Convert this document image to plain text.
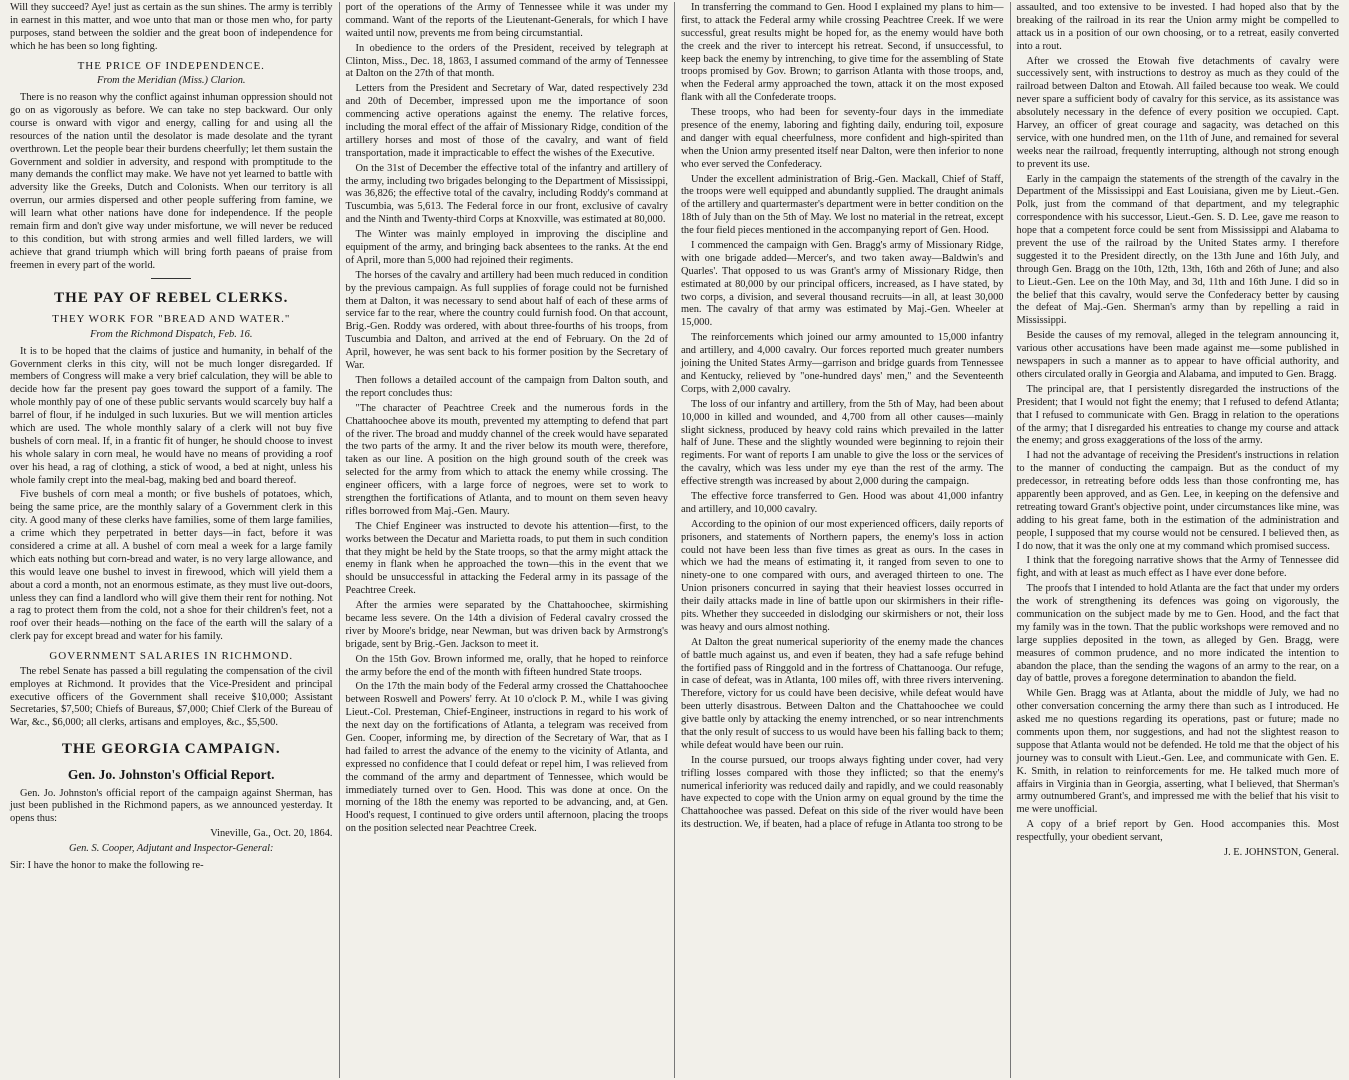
Will they succeed? Aye! just as certain as the sun shines. The army is terribly in earnest in this matter, and woe unto that man or those men who, for party purposes, stand between the soldier and the great boon of independence for which he has been so long fighting.

THE PRICE OF INDEPENDENCE.

From the Meridian (Miss.) Clarion.

There is no reason why the conflict against inhuman oppression should not go on as vigorously as before. We can take no step backward. Our only course is onward with vigor and energy, calling for and using all the resources of the nation until the desolator is made desolate and the tyrant overthrown. Let the people bear their burdens cheerfully; let them sustain the Government and soldier in adversity, and respond with promptitude to the many demands the conflict may make. We have not yet learned to battle with adversity like the Greeks, Dutch and Colonists. When our territory is all overrun, our armies dispersed and other people suffering from famine, we will learn what other nations have done for independence. If the people remain firm and don't give way under misfortune, we will never be reduced to this condition, but with strong armies and well filled larders, we will achieve that grand triumph which will bring forth paeans of praise from freemen in every part of the world.

THE PAY OF REBEL CLERKS.

THEY WORK FOR "BREAD AND WATER."

From the Richmond Dispatch, Feb. 16.

It is to be hoped that the claims of justice and humanity, in behalf of the Government clerks in this city, will not be much longer disregarded. If members of Congress will make a very brief calculation, they will be able to decide how far the present pay goes toward the support of a family. The whole monthly pay of one of these public servants would scarcely buy half a barrel of flour, if he indulged in such luxuries. But we will mention articles which are used. The whole monthly salary of a clerk will not buy five bushels of corn meal. If, in a frantic fit of hunger, he should choose to invest his whole salary in corn meal, he would have no means of providing a roof over his head, a rag of clothing, a stick of wood, a bed at night, unless his whole family crept into the meal-bag, making bed and board thereof.

Five bushels of corn meal a month; or five bushels of potatoes, which, being the same price, are the monthly salary of a Government clerk in this city. A good many of these clerks have families, some of them large families, a crime which they perpetrated in better days—in fact, before it was considered a crime at all. A bushel of corn meal a week for a large family which eats nothing but corn-bread and water, is no very large allowance, and this would leave one bushel to invest in firewood, which will yield them a about a cord a month, not an enormous estimate, as they must live out-doors, unless they can find a landlord who will give them their rent for nothing. Not a rag to protect them from the cold, not a shoe for their children's feet, not a roof over their heads—nothing on the face of the earth will the salary of a clerk pay for except bread and water for his family.

GOVERNMENT SALARIES IN RICHMOND.

The rebel Senate has passed a bill regulating the compensation of the civil employes at Richmond. It provides that the Vice-President and principal executive officers of the Government shall receive $10,000; Assistant Secretaries, $7,500; Chiefs of Bureaus, $7,000; Chief Clerk of the Bureau of War, &c., $6,000; all clerks, artisans and employes, &c., $5,500.

THE GEORGIA CAMPAIGN.

Gen. Jo. Johnston's Official Report.

Gen. Jo. Johnston's official report of the campaign against Sherman, has just been published in the Richmond papers, as we announced yesterday. It opens thus:

Vineville, Ga., Oct. 20, 1864.

Gen. S. Cooper, Adjutant and Inspector-General:

Sir: I have the honor to make the following re-

port of the operations of the Army of Tennessee while it was under my command. Want of the reports of the Lieutenant-Generals, for which I have waited until now, prevents me from being circumstantial.

In obedience to the orders of the President, received by telegraph at Clinton, Miss., Dec. 18, 1863, I assumed command of the army of Tennessee at Dalton on the 27th of that month.

Letters from the President and Secretary of War, dated respectively 23d and 20th of December, impressed upon me the importance of soon commencing active operations against the enemy. The relative forces, including the moral effect of the affair of Missionary Ridge, condition of the artillery horses and most of those of the cavalry, and want of field transportation, made it impracticable to effect the wishes of the Executive.

On the 31st of December the effective total of the infantry and artillery of the army, including two brigades belonging to the Department of Mississippi, was 36,826; the effective total of the cavalry, including Roddy's command at Tuscumbia, was 5,613. The Federal force in our front, exclusive of cavalry and the Ninth and Twenty-third Corps at Knoxville, was estimated at 80,000.

The Winter was mainly employed in improving the discipline and equipment of the army, and bringing back absentees to the ranks. At the end of April, more than 5,000 had rejoined their regiments.

The horses of the cavalry and artillery had been much reduced in condition by the previous campaign. As full supplies of forage could not be furnished them at Dalton, it was necessary to send about half of each of these arms of service far to the rear, where the country could furnish food. On that account, Brig.-Gen. Roddy was ordered, with about three-fourths of his troops, from Tuscumbia and Dalton, and arrived at the end of February. On the 2d of April, however, he was sent back to his former position by the Secretary of War.

Then follows a detailed account of the campaign from Dalton south, and the report concludes thus:

"The character of Peachtree Creek and the numerous fords in the Chattahoochee above its mouth, prevented my attempting to defend that part of the river. The broad and muddy channel of the creek would have separated the two parts of the army. It and the river below its mouth were, therefore, taken as our line. A position on the high ground south of the creek was selected for the army from which to attack the enemy while crossing. The engineer officers, with a large force of negroes, were set to work to strengthen the fortifications of Atlanta, and to mount on them seven heavy rifles borrowed from Maj.-Gen. Maury.

The Chief Engineer was instructed to devote his attention—first, to the works between the Decatur and Marietta roads, to put them in such condition that they might be held by the State troops, so that the army might attack the enemy in flank when he approached the town—this in the event that we should be unsuccessful in attacking the Federal army in its passage of the Peachtree Creek.

After the armies were separated by the Chattahoochee, skirmishing became less severe. On the 14th a division of Federal cavalry crossed the river by Moore's bridge, near Newman, but was driven back by Armstrong's brigade, sent by Brig.-Gen. Jackson to meet it.

On the 15th Gov. Brown informed me, orally, that he hoped to reinforce the army before the end of the month with fifteen hundred State troops.

On the 17th the main body of the Federal army crossed the Chattahoochee between Roswell and Powers' ferry. At 10 o'clock P. M., while I was giving Lieut.-Col. Presteman, Chief-Engineer, instructions in regard to his work of the next day on the fortifications of Atlanta, a telegram was received from Gen. Cooper, informing me, by direction of the Secretary of War, that as I had failed to arrest the advance of the enemy to the vicinity of Atlanta, and expressed no confidence that I could defeat or repel him, I was relieved from the command of the army and department of Tennessee, which would be immediately turned over to Gen. Hood. This was done at once. On the morning of the 18th the enemy was reported to be advancing, and, at Gen. Hood's request, I continued to give orders until afternoon, placing the troops on the position selected near Peachtree Creek.

In transferring the command to Gen. Hood I explained my plans to him—first, to attack the Federal army while crossing Peachtree Creek. If we were successful, great results might be hoped for, as the enemy would have both the creek and the river to intercept his retreat. Second, if unsuccessful, to keep back the enemy by intrenching, to give time for the assembling of State troops promised by Gov. Brown; to garrison Atlanta with those troops, and, when the Federal army approached the town, attack it on the most exposed flank with all the Confederate troops.

These troops, who had been for seventy-four days in the immediate presence of the enemy, laboring and fighting daily, enduring toil, exposure and danger with equal cheerfulness, more confident and high-spirited than when the Union army presented itself near Dalton, were then inferior to none who ever served the Confederacy.

Under the excellent administration of Brig.-Gen. Mackall, Chief of Staff, the troops were well equipped and abundantly supplied. The draught animals of the artillery and quartermaster's department were in better condition on the 18th of July than on the 5th of May. We lost no material in the retreat, except the four field pieces mentioned in the accompanying report of Gen. Hood.

I commenced the campaign with Gen. Bragg's army of Missionary Ridge, with one brigade added—Mercer's, and two taken away—Baldwin's and Quarles'. That opposed to us was Grant's army of Missionary Ridge, then estimated at 80,000 by our principal officers, increased, as I have stated, by two corps, a division, and several thousand recruits—in all, at least 30,000 men. The cavalry of that army was estimated by Maj.-Gen. Wheeler at 15,000.

The reinforcements which joined our army amounted to 15,000 infantry and artillery, and 4,000 cavalry. Our forces reported much greater numbers joining the United States Army—garrison and bridge guards from Tennessee and Kentucky, relieved by "one-hundred days' men," and the Seventeenth Corps, with 2,000 cavalry.

The loss of our infantry and artillery, from the 5th of May, had been about 10,000 in killed and wounded, and 4,700 from all other causes—mainly slight sickness, produced by heavy cold rains which prevailed in the latter half of June. These and the slightly wounded were beginning to rejoin their regiments. For want of reports I am unable to give the loss or the services of the cavalry, which was less under my eye than the rest of the army. The effective strength was increased by about 2,000 during the campaign.

The effective force transferred to Gen. Hood was about 41,000 infantry and artillery, and 10,000 cavalry.

According to the opinion of our most experienced officers, daily reports of prisoners, and statements of Northern papers, the enemy's loss in action could not have been less than five times as great as ours. In the cases in which we had the means of estimating it, it ranged from seven to one to ninety-one to one compared with ours, and averaged thirteen to one. The Union prisoners concurred in saying that their heaviest losses occurred in their daily attacks made in line of battle upon our skirmishers in their rifle-pits. Whether they succeeded in dislodging our skirmishers or not, their loss was heavy and ours almost nothing.

At Dalton the great numerical superiority of the enemy made the chances of battle much against us, and even if beaten, they had a safe refuge behind the fortified pass of Ringgold and in the fortress of Chattanooga. Our refuge, in case of defeat, was in Atlanta, 100 miles off, with three rivers intervening. Therefore, victory for us could have been decisive, while defeat would have been utterly disastrous. Between Dalton and the Chattahoochee we could give battle only by attacking the enemy intrenched, or so near intrenchments that the only result of success to us would have been his falling back to them; while defeat would have been our ruin.

In the course pursued, our troops always fighting under cover, had very trifling losses compared with those they inflicted; so that the enemy's numerical inferiority was reduced daily and rapidly, and we could reasonably have expected to cope with the Union army on equal ground by the time the Chattahoochee was passed. Defeat on this side of the river would have been its destruction. We, if beaten, had a place of refuge in Atlanta too strong to be

assaulted, and too extensive to be invested. I had hoped also that by the breaking of the railroad in its rear the Union army might be compelled to attack us in a position of our own choosing, or to a retreat, easily converted into a rout.

After we crossed the Etowah five detachments of cavalry were successively sent, with instructions to destroy as much as they could of the railroad between Dalton and Etowah. All failed because too weak. We could never spare a sufficient body of cavalry for this service, as its assistance was absolutely necessary in the defence of every position we occupied. Capt. Harvey, an officer of great courage and sagacity, was detached on this service, with one hundred men, on the 11th of June, and remained for several weeks near the railroad, frequently interrupting, although not strong enough to prevent its use.

Early in the campaign the statements of the strength of the cavalry in the Department of the Mississippi and East Louisiana, given me by Lieut.-Gen. Polk, just from the command of that department, and my telegraphic correspondence with his successor, Lieut.-Gen. S. D. Lee, gave me reason to hope that a competent force could be sent from Mississippi and Alabama to prevent the use of the railroad by the United States army. I therefore suggested it to the President directly, on the 13th June and 16th July, and through Gen. Bragg on the 10th, 12th, 13th, 16th and 26th of June; and also to Lieut.-Gen. Lee on the 10th May, and 3d, 11th and 16th June. I did so in the belief that this cavalry, would serve the Confederacy better by causing the defeat of Maj.-Gen. Sherman's army than by repelling a raid in Mississippi.

Beside the causes of my removal, alleged in the telegram announcing it, various other accusations have been made against me—some published in newspapers in such a manner as to appear to have official authority, and others circulated orally in Georgia and Alabama, and imputed to Gen. Bragg.

The principal are, that I persistently disregarded the instructions of the President; that I would not fight the enemy; that I refused to defend Atlanta; that I refused to communicate with Gen. Bragg in relation to the operations of the army; that I disregarded his entreaties to change my course and attack the enemy; and gross exaggerations of the loss of the army.

I had not the advantage of receiving the President's instructions in relation to the manner of conducting the campaign. But as the conduct of my predecessor, in retreating before odds less than those confronting me, has apparently been approved, and as Gen. Lee, in keeping on the defensive and retreating toward Grant's objective point, under circumstances like mine, was adding to his great fame, both in the estimation of the administration and people, I supposed that my course would not be censured. I believed then, as I do now, that it was the only one at my command which promised success.

I think that the foregoing narrative shows that the Army of Tennessee did fight, and with at least as much effect as I have ever done before.

The proofs that I intended to hold Atlanta are the fact that under my orders the work of strengthening its defences was going on vigorously, the communication on the subject made by me to Gen. Hood, and the fact that my family was in the town. That the public workshops were removed and no large supplies deposited in the town, as alleged by Gen. Bragg, were measures of common prudence, and no more indicated the intention to abandon the place, than the sending the wagons of an army to the rear, on a day of battle, proves a foregone determination to abandon the field.

While Gen. Bragg was at Atlanta, about the middle of July, we had no other conversation concerning the army there than such as I introduced. He asked me no questions regarding its operations, past or future; made no comments upon them, nor suggestions, and had not the slightest reason to suppose that Atlanta would not be defended. He told me that the object of his journey was to consult with Lieut.-Gen. Lee, and communicate with Gen. E. K. Smith, in relation to reinforcements for me. He talked much more of affairs in Virginia than in Georgia, asserting, what I believed, that Sherman's army outnumbered Grant's, and impressed me with the belief that his visit to me were unofficial.

A copy of a brief report by Gen. Hood accompanies this. Most respectfully, your obedient servant,

J. E. JOHNSTON, General.
